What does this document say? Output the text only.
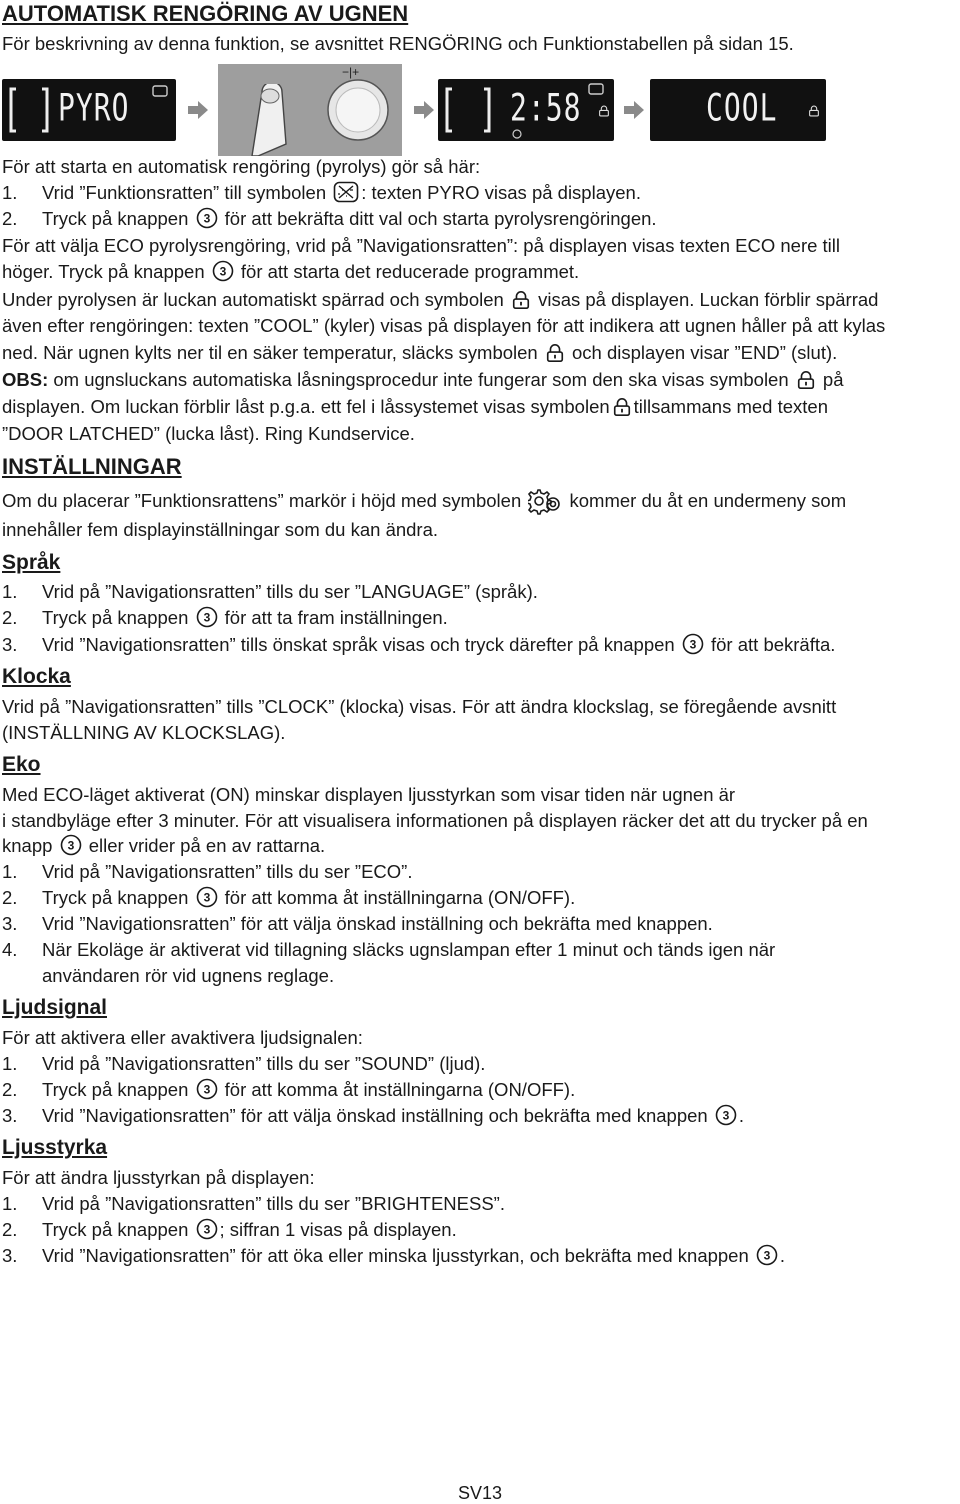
AUTOMATISK RENGÖRING AV UGNEN
För beskrivning av denna funktion, se avsnittet RENGÖRING och Funktionstabellen på sidan 15.
PYRO
−|+
2:58	COOL
För att starta en automatisk rengöring (pyrolys) gör så här:
1. Vrid ”Funktionsratten” till symbolen : texten PYRO visas på displayen.
2. Tryck på knappen för att bekräfta ditt val och starta pyrolysrengöringen.
För att välja ECO pyrolysrengöring, vrid på ”Navigationsratten”: på displayen visas texten ECO nere till
höger. Tryck på knappen för att starta det reducerade programmet.
Under pyrolysen är luckan automatiskt spärrad och symbolen visas på displayen. Luckan förblir spärrad
även efter rengöringen: texten ”COOL” (kyler) visas på displayen för att indikera att ugnen håller på att kylas
ned. När ugnen kylts ner til en säker temperatur, släcks symbolen och displayen visar ”END” (slut).
OBS: om ugnsluckans automatiska låsningsprocedur inte fungerar som den ska visas symbolen på
displayen. Om luckan förblir låst p.g.a. ett fel i låssystemet visas symbolen tillsammans med texten
”DOOR LATCHED” (lucka låst). Ring Kundservice.
INSTÄLLNINGAR
Om du placerar ”Funktionsrattens” markör i höjd med symbolen	kommer du åt en undermeny som
innehåller fem displayinställningar som du kan ändra.
Språk
1. Vrid på ”Navigationsratten” tills du ser ”LANGUAGE” (språk).
2. Tryck på knappen för att ta fram inställningen.
3. Vrid ”Navigationsratten” tills önskat språk visas och tryck därefter på knappen för att bekräfta.
Klocka
Vrid på ”Navigationsratten” tills ”CLOCK” (klocka) visas. För att ändra klockslag, se föregående avsnitt
(INSTÄLLNING AV KLOCKSLAG).
Eko
Med ECO-läget aktiverat (ON) minskar displayen ljusstyrkan som visar tiden när ugnen är
i standbyläge efter 3 minuter. För att visualisera informationen på displayen räcker det att du trycker på en
knapp eller vrider på en av rattarna.
1. Vrid på ”Navigationsratten” tills du ser ”ECO”.
2. Tryck på knappen för att komma åt inställningarna (ON/OFF).
3. Vrid ”Navigationsratten” för att välja önskad inställning och bekräfta med knappen.
4. När Ekoläge är aktiverat vid tillagning släcks ugnslampan efter 1 minut och tänds igen när
användaren rör vid ugnens reglage.
Ljudsignal
För att aktivera eller avaktivera ljudsignalen:
1. Vrid på ”Navigationsratten” tills du ser ”SOUND” (ljud).
2. Tryck på knappen för att komma åt inställningarna (ON/OFF).
3. Vrid ”Navigationsratten” för att välja önskad inställning och bekräfta med knappen .
Ljusstyrka
För att ändra ljusstyrkan på displayen:
1. Vrid på ”Navigationsratten” tills du ser ”BRIGHTENESS”.
2. Tryck på knappen ; siffran 1 visas på displayen.
3. Vrid ”Navigationsratten” för att öka eller minska ljusstyrkan, och bekräfta med knappen .
SV13
